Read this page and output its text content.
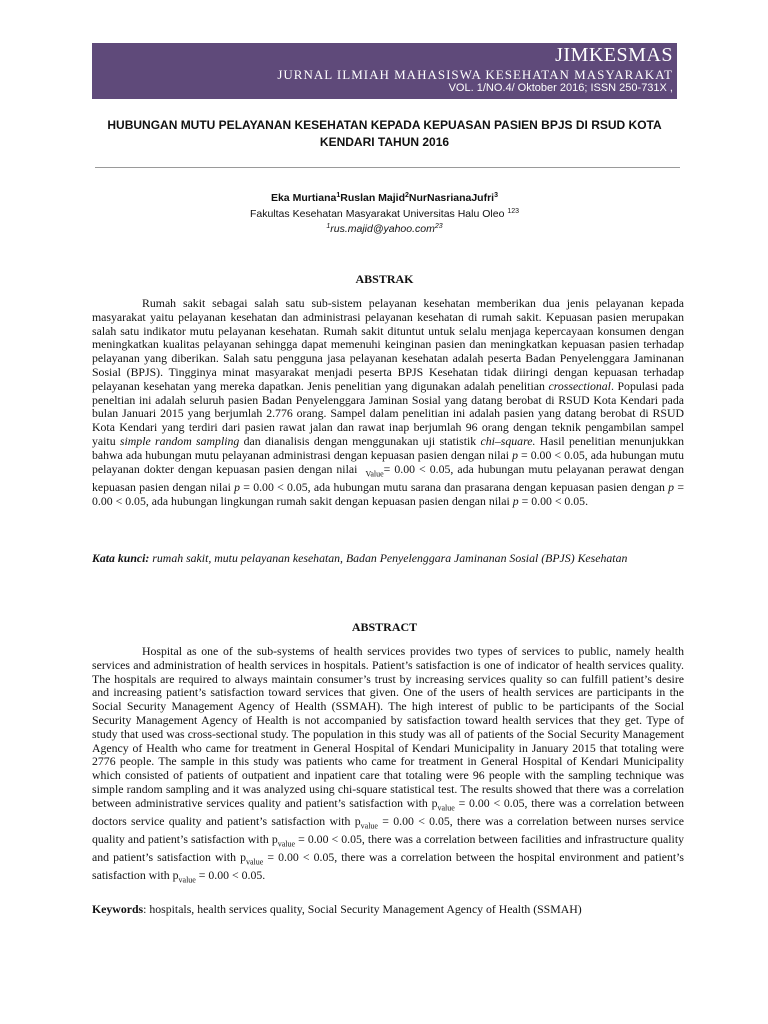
JIMKESMAS
JURNAL ILMIAH MAHASISWA KESEHATAN MASYARAKAT
VOL. 1/NO.4/ Oktober 2016; ISSN 250-731X ,
HUBUNGAN MUTU PELAYANAN KESEHATAN KEPADA KEPUASAN PASIEN BPJS DI RSUD KOTA
KENDARI TAHUN 2016
Eka Murtiana$^1$Ruslan Majid$^2$NurNasrianaJufri$^3$
Fakultas Kesehatan Masyarakat Universitas Halu Oleo $^{123}$
$^1$rus.majid@yahoo.com$^{23}$
ABSTRAK

Rumah sakit sebagai salah satu sub-sistem pelayanan kesehatan memberikan dua jenis pelayanan kepada masyarakat yaitu pelayanan kesehatan dan administrasi pelayanan kesehatan di rumah sakit. Kepuasan pasien merupakan salah satu indikator mutu pelayanan kesehatan. Rumah sakit dituntut untuk selalu menjaga kepercayaan konsumen dengan meningkatkan kualitas pelayanan sehingga dapat memenuhi keinginan pasien dan meningkatkan kepuasan pasien terhadap pelayanan yang diberikan. Salah satu pengguna jasa pelayanan kesehatan adalah peserta Badan Penyelenggara Jaminanan Sosial (BPJS). Tingginya minat masyarakat menjadi peserta BPJS Kesehatan tidak diiringi dengan kepuasan terhadap pelayanan kesehatan yang mereka dapatkan. Jenis penelitian yang digunakan adalah penelitian crossectional. Populasi pada peneltian ini adalah seluruh pasien Badan Penyelenggara Jaminan Sosial yang datang berobat di RSUD Kota Kendari pada bulan Januari 2015 yang berjumlah 2.776 orang. Sampel dalam penelitian ini adalah pasien yang datang berobat di RSUD Kota Kendari yang terdiri dari pasien rawat jalan dan rawat inap berjumlah 96 orang dengan teknik pengambilan sampel yaitu simple random sampling dan dianalisis dengan menggunakan uji statistik chi–square. Hasil penelitian menunjukkan bahwa ada hubungan mutu pelayanan administrasi dengan kepuasan pasien dengan nilai p = 0.00 < 0.05, ada hubungan mutu pelayanan dokter dengan kepuasan pasien dengan nilai  $_{Value}$= 0.00 < 0.05, ada hubungan mutu pelayanan perawat dengan kepuasan pasien dengan nilai p = 0.00 < 0.05, ada hubungan mutu sarana dan prasarana dengan kepuasan pasien dengan p = 0.00 < 0.05, ada hubungan lingkungan rumah sakit dengan kepuasan pasien dengan nilai p = 0.00 < 0.05.

Kata kunci: rumah sakit, mutu pelayanan kesehatan, Badan Penyelenggara Jaminanan Sosial (BPJS) Kesehatan
ABSTRACT

Hospital as one of the sub-systems of health services provides two types of services to public, namely health services and administration of health services in hospitals. Patient’s satisfaction is one of indicator of health services quality. The hospitals are required to always maintain consumer’s trust by increasing services quality so can fulfill patient’s desire and increasing patient’s satisfaction toward services that given. One of the users of health services are participants in the Social Security Management Agency of Health (SSMAH). The high interest of public to be participants of the Social Security Management Agency of Health is not accompanied by satisfaction toward health services that they get. Type of study that used was cross-sectional study. The population in this study was all of patients of the Social Security Management Agency of Health who came for treatment in General Hospital of Kendari Municipality in January 2015 that totaling were 2776 people. The sample in this study was patients who came for treatment in General Hospital of Kendari Municipality which consisted of patients of outpatient and inpatient care that totaling were 96 people with the sampling technique was simple random sampling and it was analyzed using chi-square statistical test. The results showed that there was a correlation between administrative services quality and patient’s satisfaction with $p_{value} = 0.00 < 0.05$, there was a correlation between doctors service quality and patient’s satisfaction with $p_{value} = 0.00 < 0.05$, there was a correlation between nurses service quality and patient’s satisfaction with $p_{value} = 0.00 < 0.05$, there was a correlation between facilities and infrastructure quality and patient’s satisfaction with $p_{value} = 0.00 < 0.05$, there was a correlation between the hospital environment and patient’s satisfaction with $p_{value} = 0.00 < 0.05$.

Keywords: hospitals, health services quality, Social Security Management Agency of Health (SSMAH)
